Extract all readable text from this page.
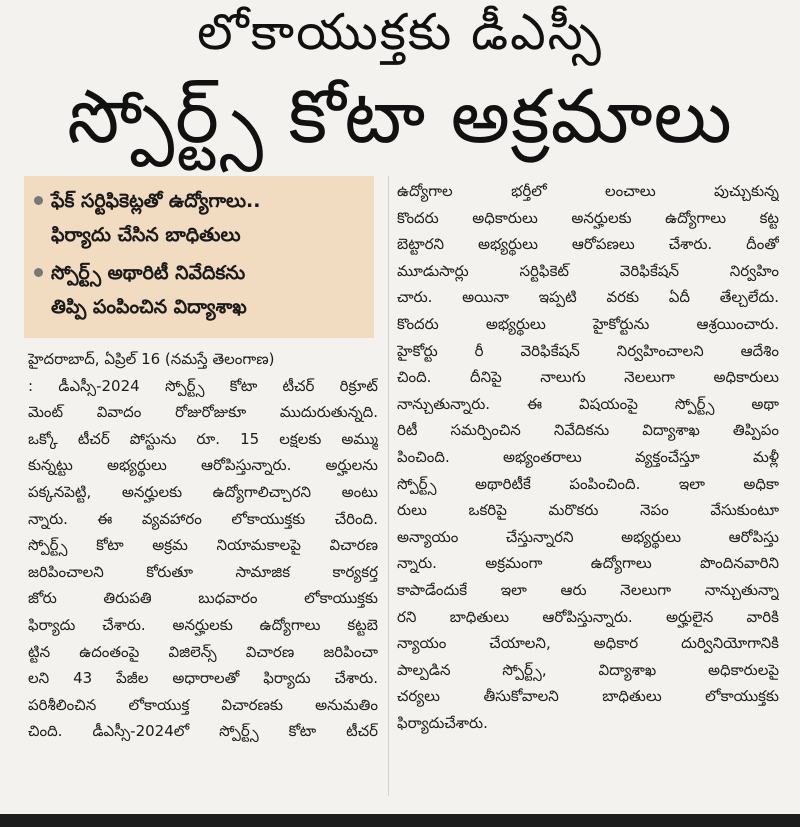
లోకాయుక్తకు డీఎస్సీ
స్పోర్ట్స్ కోటా అక్రమాలు
ఫేక్ సర్టిఫికెట్లతో ఉద్యోగాలు..
ఫిర్యాదు చేసిన బాధితులు
స్పోర్ట్స్ అథారిటీ నివేదికను
తిప్పి పంపించిన విద్యాశాఖ
హైదరాబాద్, ఏప్రిల్ 16 (నమస్తే తెలంగాణ)
: డీఎస్సీ-2024 స్పోర్ట్స్ కోటా టీచర్ రిక్రూట్
మెంట్ వివాదం రోజురోజుకూ ముదురుతున్నది.
ఒక్కో టీచర్ పోస్టును రూ. 15 లక్షలకు అమ్ము
కున్నట్టు అభ్యర్థులు ఆరోపిస్తున్నారు. అర్హులను
పక్కనపెట్టి, అనర్హులకు ఉద్యోగాలిచ్చారని అంటు
న్నారు. ఈ వ్యవహారం లోకాయుక్తకు చేరింది.
స్పోర్ట్స్ కోటా అక్రమ నియామకాలపై విచారణ
జరిపించాలని కోరుతూ సామాజిక కార్యకర్త
జోరు తిరుపతి బుధవారం లోకాయుక్తకు
ఫిర్యాదు చేశారు. అనర్హులకు ఉద్యోగాలు కట్టబె
ట్టిన ఉదంతంపై విజిలెన్స్ విచారణ జరిపించా
లని 43 పేజీల అధారాలతో ఫిర్యాదు చేశారు.
పరిశీలించిన లోకాయుక్త విచారణకు అనుమతిం
చింది. డీఎస్సీ-2024లో స్పోర్ట్స్ కోటా టీచర్
ఉద్యోగాల భర్తీలో లంచాలు పుచ్చుకున్న
కొందరు అధికారులు అనర్హులకు ఉద్యోగాలు కట్ట
బెట్టారని అభ్యర్థులు ఆరోపణలు చేశారు. దీంతో
మూడుసార్లు సర్టిఫికెట్ వెరిఫికేషన్ నిర్వహిం
చారు. అయినా ఇప్పటి వరకు ఏదీ తేల్చలేదు.
కొందరు అభ్యర్థులు హైకోర్టును ఆశ్రయించారు.
హైకోర్టు రీ వెరిఫికేషన్ నిర్వహించాలని ఆదేశిం
చింది. దీనిపై నాలుగు నెలలుగా అధికారులు
నాన్చుతున్నారు. ఈ విషయంపై స్పోర్ట్స్ అథా
రిటీ సమర్పించిన నివేదికను విద్యాశాఖ తిప్పిపం
పించింది. అభ్యంతరాలు వ్యక్తంచేస్తూ మళ్లీ
స్పోర్ట్స్ అథారిటీకే పంపించింది. ఇలా అధికా
రులు ఒకరిపై మరొకరు నెపం వేసుకుంటూ
అన్యాయం చేస్తున్నారని అభ్యర్థులు ఆరోపిస్తు
న్నారు. అక్రమంగా ఉద్యోగాలు పొందినవారిని
కాపాడేందుకే ఇలా ఆరు నెలలుగా నాన్చుతున్నా
రని బాధితులు ఆరోపిస్తున్నారు. అర్హులైన వారికి
న్యాయం చేయాలని, అధికార దుర్వినియోగానికి
పాల్పడిన స్పోర్ట్స్, విద్యాశాఖ అధికారులపై
చర్యలు తీసుకోవాలని బాధితులు లోకాయుక్తకు
ఫిర్యాదుచేశారు.
